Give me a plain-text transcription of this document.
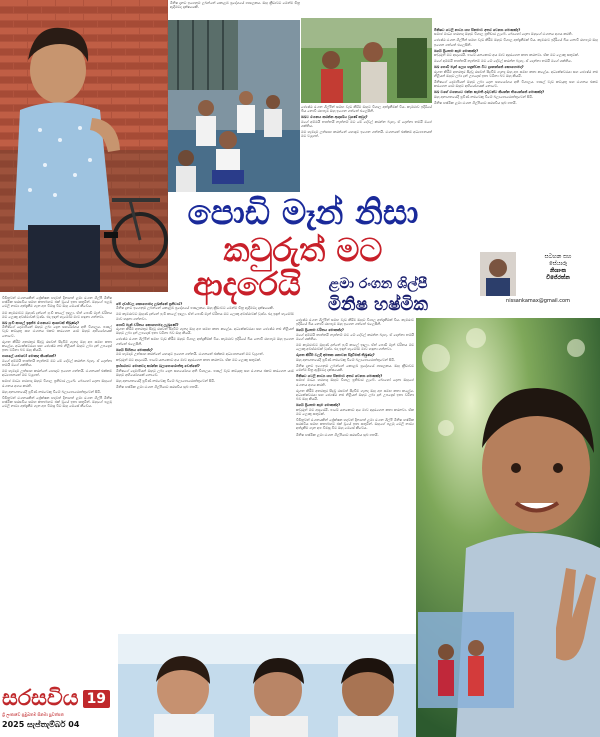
මිනිෂ දැනට ඉගෙනුම ලබන්නේ කොළඹ ප්‍රදේශයේ පාසලකය. ඔහු ක්‍රීඩාවට මෙන්ම චිත්‍ර ඇඳීමටද දක්ෂයෙකි.
මිනිෂට ටෙලි නාට්‍ය සහ සිනමාව අතර වෙනස මොකක්ද?

සමාජ මාධ්‍ය හරහාද ඔහුට විශාල ප්‍රතිචාර ලැබේ. බොහෝ දෙනා ඔහුගේ රංගනය අගය කරති.

ජ්‍යෙෂ්ඨ රංගන ශිල්පීන් සමඟ වැඩ කිරීම ඔහුට විශාල අත්දැකීමක් විය. කැමරාව ඉදිරියේ බිය නොවී රඟපෑම ඔහු ඉගෙන ගත්තේ එලෙසිනි.

ඔබේ ප්‍රියතම කෑම මොකක්ද?

කවුරුත් මට ආදරෙයි. පාරේ යනකොට අය මාව අඳුරගෙන කතා කරනවා. ඒක මට ලොකු සතුටක්.

මගේ අම්මයි තාත්තයි නැත්නම් මට මේ දේවල් කරන්න බැහැ. ඒ දෙන්නා තමයි මගේ ශක්තිය.

ඔබ පොඩි මෑන් ලෙස හඳුන්වන විට දැනෙන්නේ කොහොමද?

රූගත කිරීම් අතරතුර සිදුවූ රසවත් සිදුවීම් ගැනද ඔහු අප සමඟ කතා කළේය. අධ්‍යක්ෂවරයා සහ ජ්‍යෙෂ්ඨ නළු නිළියන් ඔහුට ලබා දුන් උපදෙස් ඉතා වටිනා බව ඔහු කියයි.

මිනිෂගේ දෙමාපියන් ඔහුට ලබා දෙන සහයෝගය අති විශාලය. පාසල් වැඩ කටයුතු සහ රංගනය එකට කරගෙන යාම ඔහුට අභියෝගයක් නොවේ.

ඔබ වගේ රංගනයට එන්න කැමති දරුවන්ට කියන්න තියෙන්නේ මොකක්ද?

ඔහු අනාගතයේදී ප්‍රවීණ නළුවෙකු වීමේ බලාපොරොත්තුවෙන් සිටී.

මිනිෂ හෂ්මික ළමා රංගන ශිල්පියාට සරසවිය සුබ පතයි.

ජ්‍යෙෂ්ඨ රංගන ශිල්පීන් සමඟ වැඩ කිරීම ඔහුට විශාල අත්දැකීමක් විය. කැමරාව ඉදිරියේ බිය නොවී රඟපෑම ඔහු ඉගෙන ගත්තේ එලෙසිනි.

ඔබට රංගනය කරන්න ආදර්ශය වුණේ කවුද?

මගේ අම්මයි තාත්තයි නැත්නම් මට මේ දේවල් කරන්න බැහැ. ඒ දෙන්නා තමයි මගේ ශක්තිය.

මම හැමදාම උත්සාහ කරන්නේ හොඳට ඉගෙන ගන්නයි. රංගනයත් එක්කම අධ්‍යාපනයත් මට වැදගත්.

පොඩි මෑන් නිසා
කවුරුත් මට
ආදරෙයි	ළමා රංගන ශිල්පී
මිනිෂ හෂ්මික
සටහන සහ
සේයාරූ
නිශාංක
විජේරත්න
nissankamax@gmail.com

විචිත්‍රවත් රංගනයකින් ප්‍රේක්ෂක හදවත් දිනාගත් ළමා රංගන ශිල්පී මිනිෂ හෂ්මික සරසවිය සමඟ කතාබහට එක් වූයේ ඉතා සතුටින්. ඔහුගේ පළමු ටෙලි නාට්‍ය අත්දැකීම ගැන අප විමසූ විට ඔහු මෙසේ කීවේය.

මම කැමරාවට මුහුණ දුන්නේ පුංචි කාලේ ඉඳලා. ඒත් පොඩි මෑන් චරිතය මට ලොකු අවස්ථාවක් වුණා. එදා ඉඳන් හැමෝම මාව හඳුනා ගන්නවා.

ඔබ පුංචි කාලේ ඉඳන්ම රංගනයට ආශාවක් තිබුණද?

මිනිෂගේ දෙමාපියන් ඔහුට ලබා දෙන සහයෝගය අති විශාලය. පාසල් වැඩ කටයුතු සහ රංගනය එකට කරගෙන යාම ඔහුට අභියෝගයක් නොවේ.

රූගත කිරීම් අතරතුර සිදුවූ රසවත් සිදුවීම් ගැනද ඔහු අප සමඟ කතා කළේය. අධ්‍යක්ෂවරයා සහ ජ්‍යෙෂ්ඨ නළු නිළියන් ඔහුට ලබා දුන් උපදෙස් ඉතා වටිනා බව ඔහු කියයි.

පාසලේ යාළුවෝ මොකද කියන්නේ?

මගේ අම්මයි තාත්තයි නැත්නම් මට මේ දේවල් කරන්න බැහැ. ඒ දෙන්නා තමයි මගේ ශක්තිය.

මම හැමදාම උත්සාහ කරන්නේ හොඳට ඉගෙන ගන්නයි. රංගනයත් එක්කම අධ්‍යාපනයත් මට වැදගත්.

සමාජ මාධ්‍ය හරහාද ඔහුට විශාල ප්‍රතිචාර ලැබේ. බොහෝ දෙනා ඔහුගේ රංගනය අගය කරති.

ඔහු අනාගතයේදී ප්‍රවීණ නළුවෙකු වීමේ බලාපොරොත්තුවෙන් සිටී.

විචිත්‍රවත් රංගනයකින් ප්‍රේක්ෂක හදවත් දිනාගත් ළමා රංගන ශිල්පී මිනිෂ හෂ්මික සරසවිය සමඟ කතාබහට එක් වූයේ ඉතා සතුටින්. ඔහුගේ පළමු ටෙලි නාට්‍ය අත්දැකීම ගැන අප විමසූ විට ඔහු මෙසේ කීවේය.

මේ දවස්වල කොහොමද ලබන්නේ ප්‍රතිචාර?

මිනිෂ දැනට ඉගෙනුම ලබන්නේ කොළඹ ප්‍රදේශයේ පාසලකය. ඔහු ක්‍රීඩාවට මෙන්ම චිත්‍ර ඇඳීමටද දක්ෂයෙකි.

මම කැමරාවට මුහුණ දුන්නේ පුංචි කාලේ ඉඳලා. ඒත් පොඩි මෑන් චරිතය මට ලොකු අවස්ථාවක් වුණා. එදා ඉඳන් හැමෝම මාව හඳුනා ගන්නවා.

පොඩි මෑන් චරිතය කොහොමද ලැබුණේ?

රූගත කිරීම් අතරතුර සිදුවූ රසවත් සිදුවීම් ගැනද ඔහු අප සමඟ කතා කළේය. අධ්‍යක්ෂවරයා සහ ජ්‍යෙෂ්ඨ නළු නිළියන් ඔහුට ලබා දුන් උපදෙස් ඉතා වටිනා බව ඔහු කියයි.

ජ්‍යෙෂ්ඨ රංගන ශිල්පීන් සමඟ වැඩ කිරීම ඔහුට විශාල අත්දැකීමක් විය. කැමරාව ඉදිරියේ බිය නොවී රඟපෑම ඔහු ඉගෙන ගත්තේ එලෙසිනි.

ඔබේ සිහිනය මොකක්ද?

මම හැමදාම උත්සාහ කරන්නේ හොඳට ඉගෙන ගන්නයි. රංගනයත් එක්කම අධ්‍යාපනයත් මට වැදගත්.

කවුරුත් මට ආදරෙයි. පාරේ යනකොට අය මාව අඳුරගෙන කතා කරනවා. ඒක මට ලොකු සතුටක්.

ඉස්සරහට මොනවද කරන්න බලාපොරොත්තු වෙන්නේ?

මිනිෂගේ දෙමාපියන් ඔහුට ලබා දෙන සහයෝගය අති විශාලය. පාසල් වැඩ කටයුතු සහ රංගනය එකට කරගෙන යාම ඔහුට අභියෝගයක් නොවේ.

ඔහු අනාගතයේදී ප්‍රවීණ නළුවෙකු වීමේ බලාපොරොත්තුවෙන් සිටී.

මිනිෂ හෂ්මික ළමා රංගන ශිල්පියාට සරසවිය සුබ පතයි.

ජ්‍යෙෂ්ඨ රංගන ශිල්පීන් සමඟ වැඩ කිරීම ඔහුට විශාල අත්දැකීමක් විය. කැමරාව ඉදිරියේ බිය නොවී රඟපෑම ඔහු ඉගෙන ගත්තේ එලෙසිනි.

ඔබේ ප්‍රියතම චරිතය මොකක්ද?

මගේ අම්මයි තාත්තයි නැත්නම් මට මේ දේවල් කරන්න බැහැ. ඒ දෙන්නා තමයි මගේ ශක්තිය.

මම කැමරාවට මුහුණ දුන්නේ පුංචි කාලේ ඉඳලා. ඒත් පොඩි මෑන් චරිතය මට ලොකු අවස්ථාවක් වුණා. එදා ඉඳන් හැමෝම මාව හඳුනා ගන්නවා.

රූගත කිරීම් වලදී අමතක නොවන සිදුවීමක් තිබුණද?

ඔහු අනාගතයේදී ප්‍රවීණ නළුවෙකු වීමේ බලාපොරොත්තුවෙන් සිටී.

මිනිෂ දැනට ඉගෙනුම ලබන්නේ කොළඹ ප්‍රදේශයේ පාසලකය. ඔහු ක්‍රීඩාවට මෙන්ම චිත්‍ර ඇඳීමටද දක්ෂයෙකි.

මිනිෂට ටෙලි නාට්‍ය සහ සිනමාව අතර වෙනස මොකක්ද?

සමාජ මාධ්‍ය හරහාද ඔහුට විශාල ප්‍රතිචාර ලැබේ. බොහෝ දෙනා ඔහුගේ රංගනය අගය කරති.

රූගත කිරීම් අතරතුර සිදුවූ රසවත් සිදුවීම් ගැනද ඔහු අප සමඟ කතා කළේය. අධ්‍යක්ෂවරයා සහ ජ්‍යෙෂ්ඨ නළු නිළියන් ඔහුට ලබා දුන් උපදෙස් ඉතා වටිනා බව ඔහු කියයි.

ඔබේ ප්‍රියතම කෑම මොකක්ද?

කවුරුත් මට ආදරෙයි. පාරේ යනකොට අය මාව අඳුරගෙන කතා කරනවා. ඒක මට ලොකු සතුටක්.

විචිත්‍රවත් රංගනයකින් ප්‍රේක්ෂක හදවත් දිනාගත් ළමා රංගන ශිල්පී මිනිෂ හෂ්මික සරසවිය සමඟ කතාබහට එක් වූයේ ඉතා සතුටින්. ඔහුගේ පළමු ටෙලි නාට්‍ය අත්දැකීම ගැන අප විමසූ විට ඔහු මෙසේ කීවේය.

මිනිෂ හෂ්මික ළමා රංගන ශිල්පියාට සරසවිය සුබ පතයි.

සරසවිය 19
ශ්‍රී ලංකාවේ ප්‍රමුඛතම සිනමා පුවත්පත
2025 සැප්තැම්බර් 04
